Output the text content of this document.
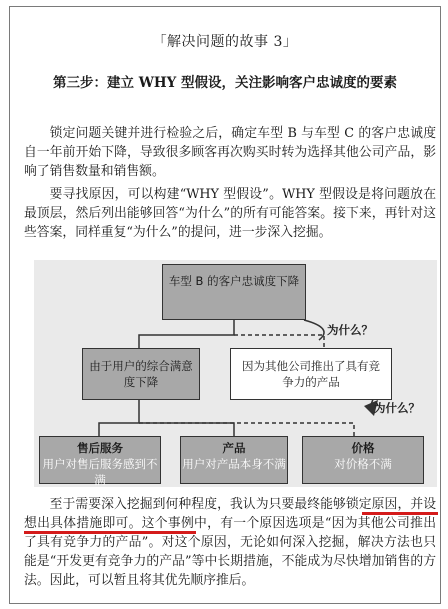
「解决问题的故事 3」
第三步：建立 WHY 型假设，关注影响客户忠诚度的要素

锁定问题关键并进行检验之后，确定车型 B 与车型 C 的客户忠诚度自一年前开始下降，导致很多顾客再次购买时转为选择其他公司产品，影响了销售数量和销售额。

要寻找原因，可以构建“WHY 型假设”。WHY 型假设是将问题放在最顶层，然后列出能够回答“为什么”的所有可能答案。接下来，再针对这些答案，同样重复“为什么”的提问，进一步深入挖掘。

车型 B 的客户忠诚度下降
为什么？
由于用户的综合满意度下降
因为其他公司推出了具有竞争力的产品
为什么？
售后服务
用户对售后服务感到不满
产品
用户对产品本身不满
价格
对价格不满

至于需要深入挖掘到何种程度，我认为只要最终能够锁定原因，并设想出具体措施即可。这个事例中，有一个原因选项是“因为其他公司推出了具有竞争力的产品”。对这个原因，无论如何深入挖掘，解决方法也只能是“开发更有竞争力的产品”等中长期措施，不能成为尽快增加销售的方法。因此，可以暂且将其优先顺序推后。
